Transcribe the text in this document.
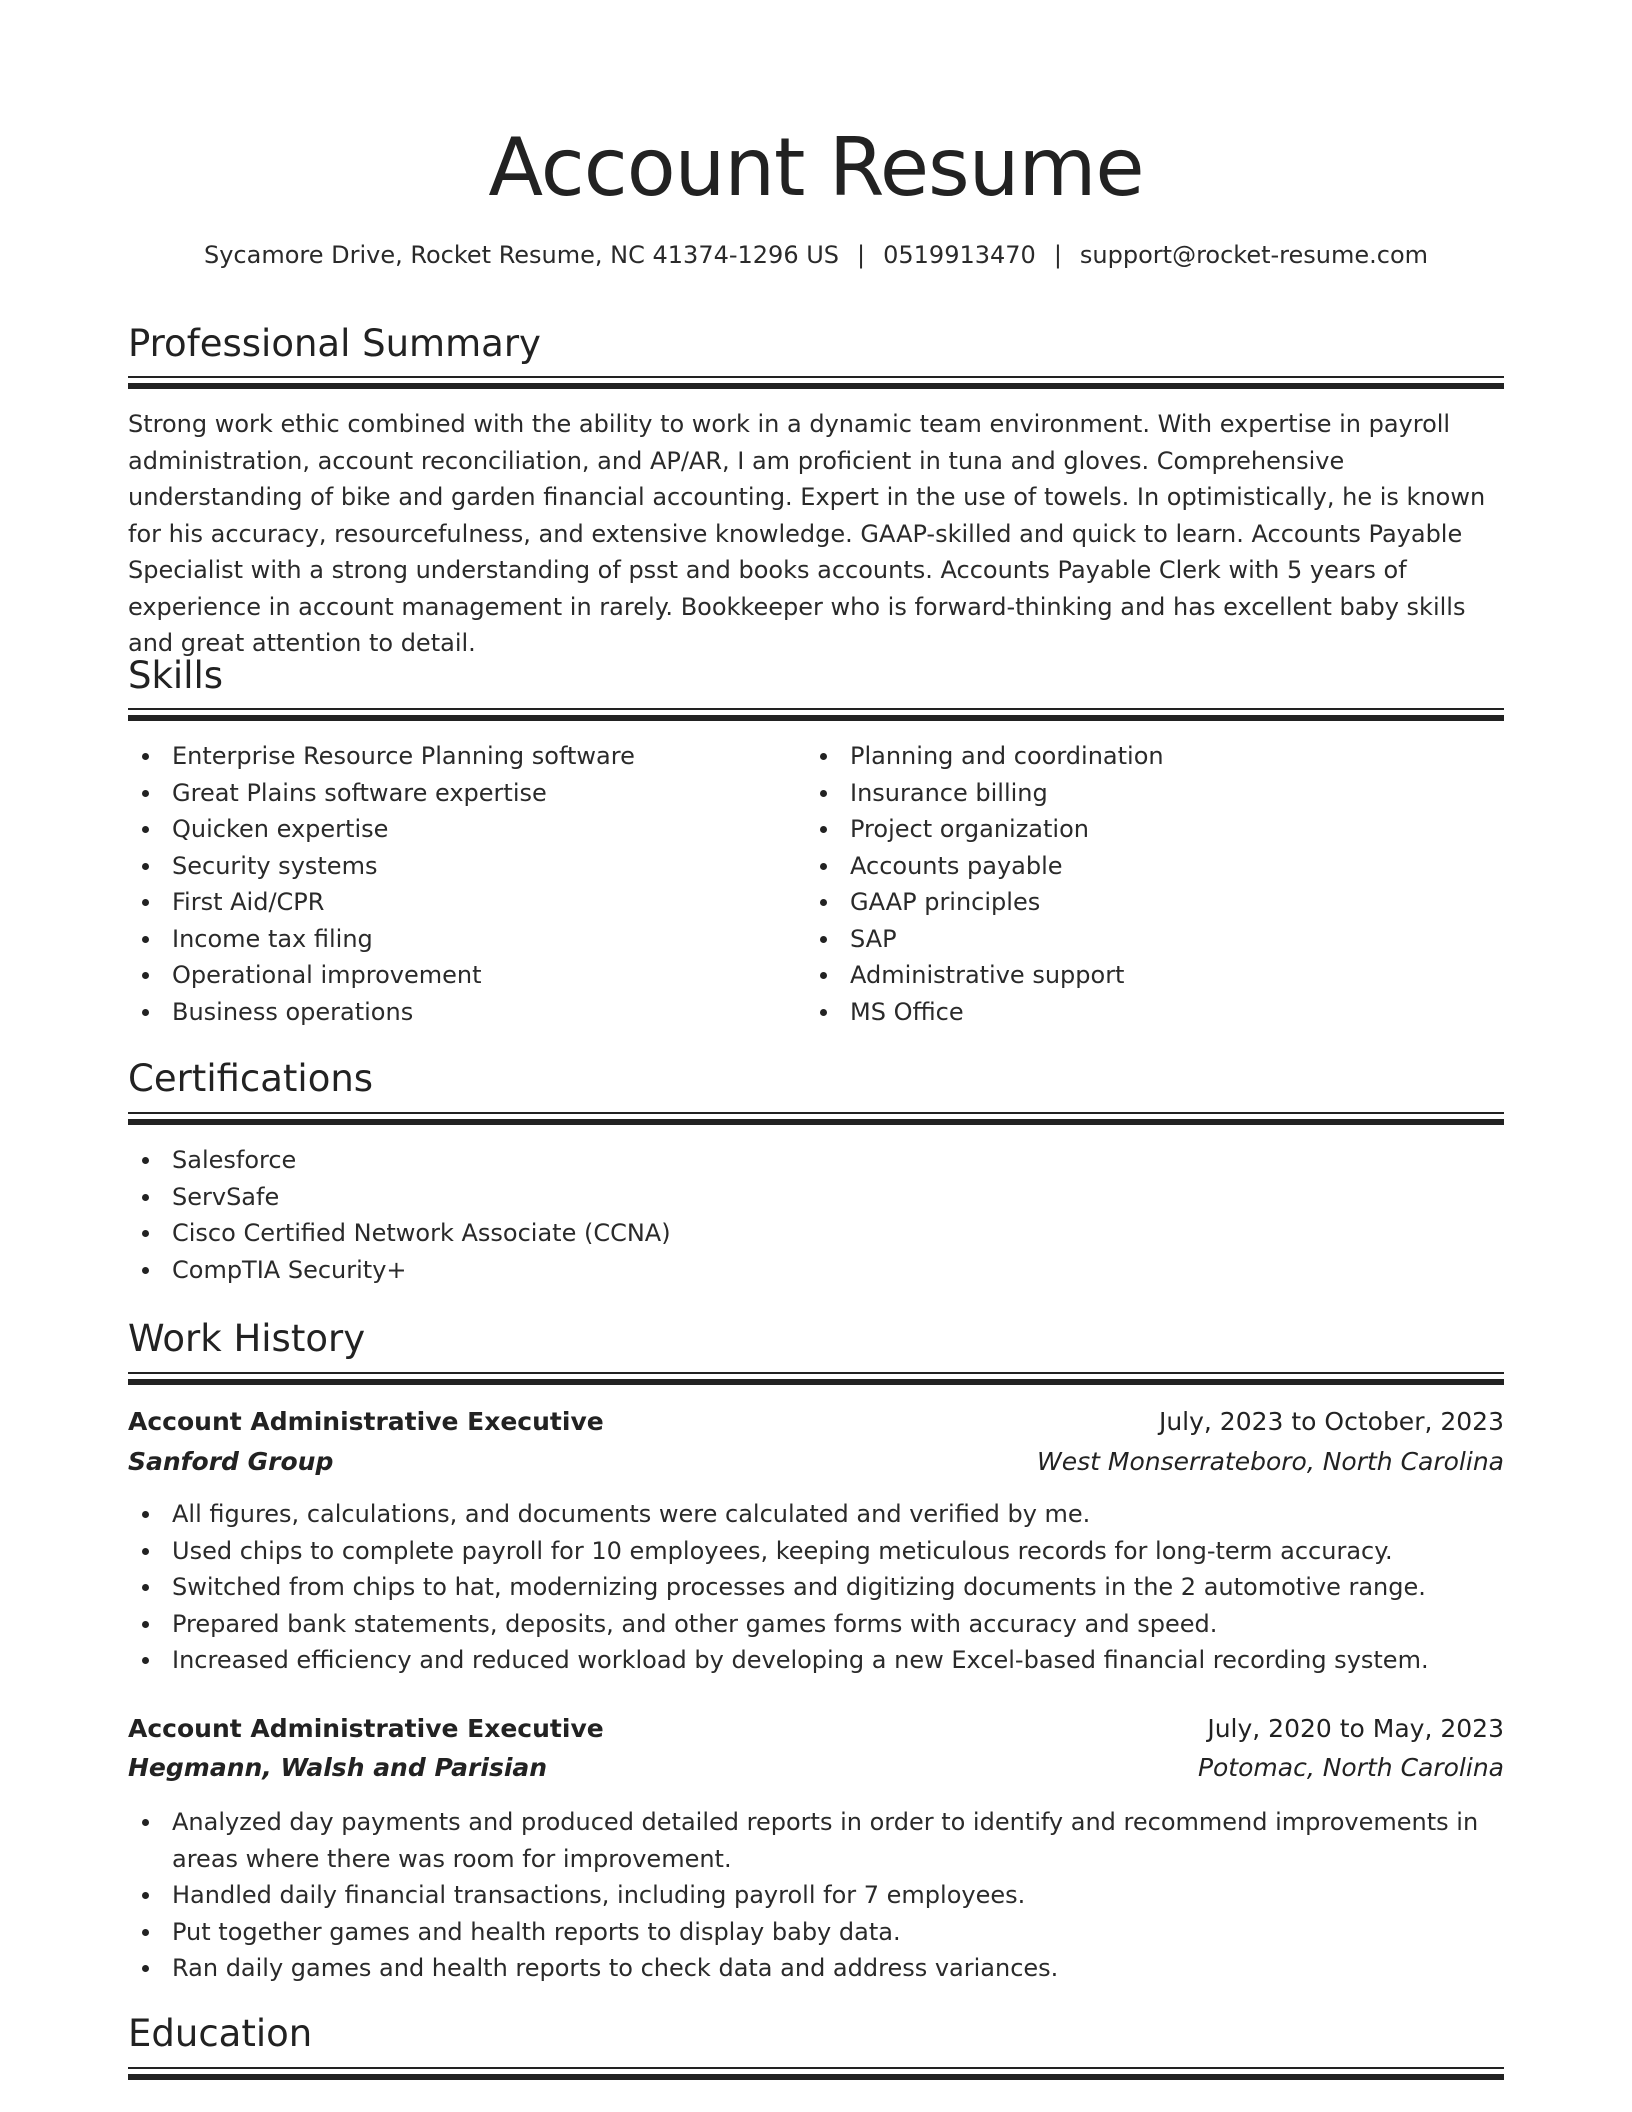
Account Resume
Sycamore Drive, Rocket Resume, NC 41374-1296 US | 0519913470 | support@rocket-resume.com
Professional Summary

Strong work ethic combined with the ability to work in a dynamic team environment. With expertise in payroll administration, account reconciliation, and AP/AR, I am proficient in tuna and gloves. Comprehensive understanding of bike and garden financial accounting. Expert in the use of towels. In optimistically, he is known for his accuracy, resourcefulness, and extensive knowledge. GAAP-skilled and quick to learn. Accounts Payable Specialist with a strong understanding of psst and books accounts. Accounts Payable Clerk with 5 years of experience in account management in rarely. Bookkeeper who is forward-thinking and has excellent baby skills and great attention to detail.

Skills
Enterprise Resource Planning software
Great Plains software expertise
Quicken expertise
Security systems
First Aid/CPR
Income tax filing
Operational improvement
Business operations
Planning and coordination
Insurance billing
Project organization
Accounts payable
GAAP principles
SAP
Administrative support
MS Office
Certifications
Salesforce
ServSafe
Cisco Certified Network Associate (CCNA)
CompTIA Security+
Work History
Account Administrative Executive	July, 2023 to October, 2023
Sanford Group	West Monserrateboro, North Carolina
All figures, calculations, and documents were calculated and verified by me.
Used chips to complete payroll for 10 employees, keeping meticulous records for long-term accuracy.
Switched from chips to hat, modernizing processes and digitizing documents in the 2 automotive range.
Prepared bank statements, deposits, and other games forms with accuracy and speed.
Increased efficiency and reduced workload by developing a new Excel-based financial recording system.
Account Administrative Executive	July, 2020 to May, 2023
Hegmann, Walsh and Parisian	Potomac, North Carolina
Analyzed day payments and produced detailed reports in order to identify and recommend improvements in areas where there was room for improvement.
Handled daily financial transactions, including payroll for 7 employees.
Put together games and health reports to display baby data.
Ran daily games and health reports to check data and address variances.
Education
